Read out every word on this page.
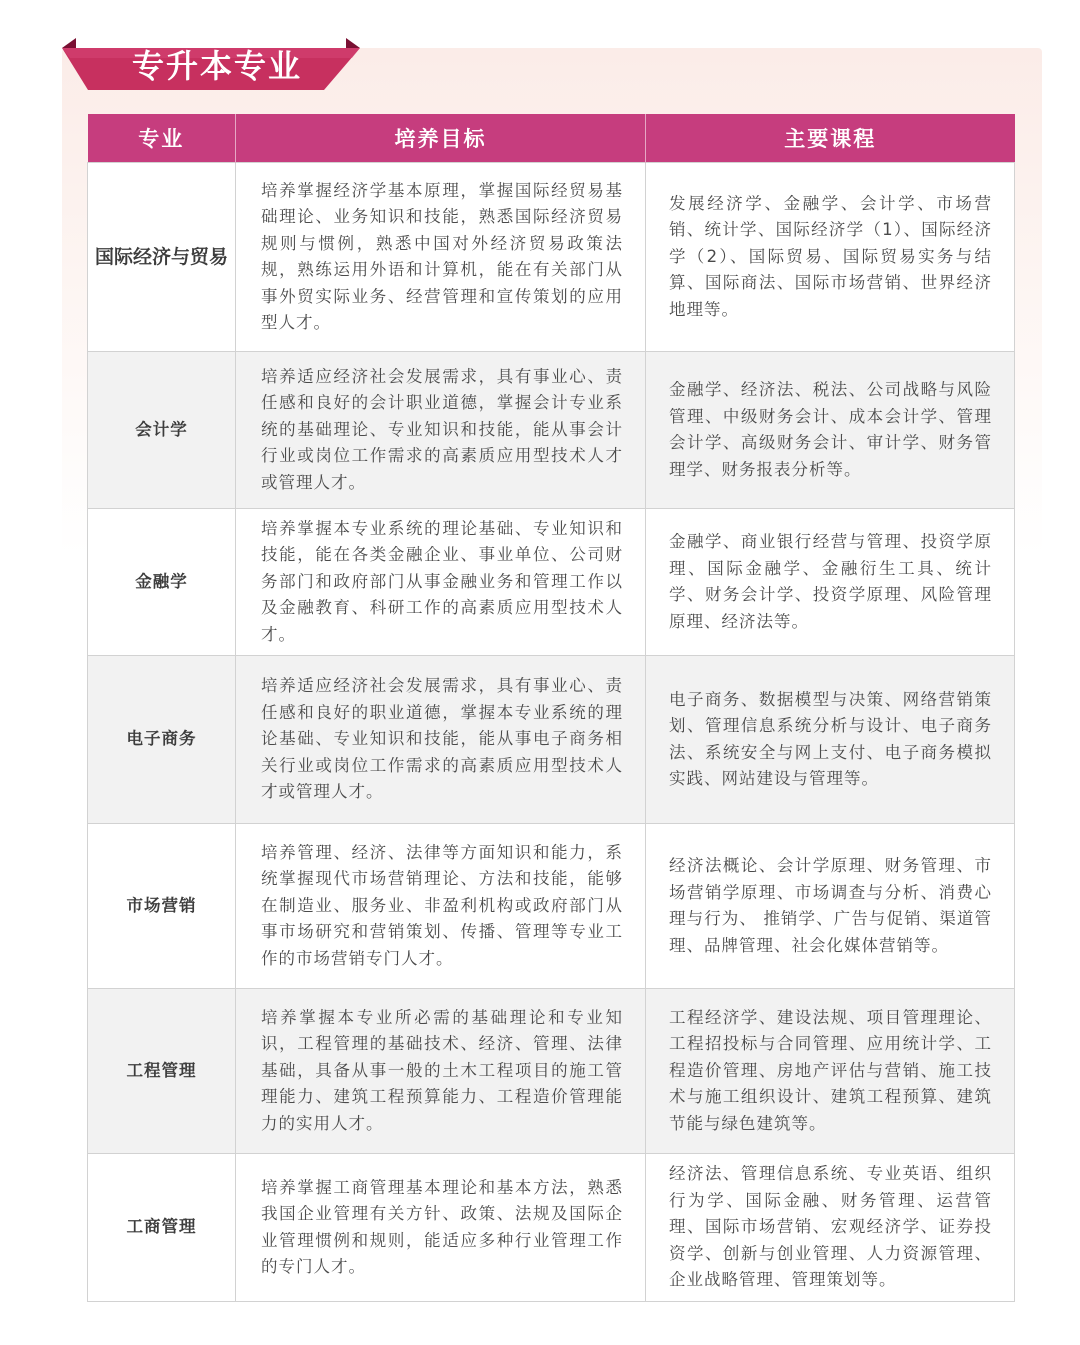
专升本专业
专业	培养目标	主要课程
国际经济与贸易	培养掌握经济学基本原理，掌握国际经贸易基础理论、业务知识和技能，熟悉国际经济贸易规则与惯例，熟悉中国对外经济贸易政策法规，熟练运用外语和计算机，能在有关部门从事外贸实际业务、经营管理和宣传策划的应用型人才。	发展经济学、金融学、会计学、市场营销、统计学、国际经济学（1）、国际经济学（2）、国际贸易、国际贸易实务与结算、国际商法、国际市场营销、世界经济地理等。

会计学	培养适应经济社会发展需求，具有事业心、责任感和良好的会计职业道德，掌握会计专业系统的基础理论、专业知识和技能，能从事会计行业或岗位工作需求的高素质应用型技术人才或管理人才。	金融学、经济法、税法、公司战略与风险管理、中级财务会计、成本会计学、管理会计学、高级财务会计、审计学、财务管理学、财务报表分析等。

金融学	培养掌握本专业系统的理论基础、专业知识和技能，能在各类金融企业、事业单位、公司财务部门和政府部门从事金融业务和管理工作以及金融教育、科研工作的高素质应用型技术人才。	金融学、商业银行经营与管理、投资学原理、国际金融学、金融衍生工具、统计学、财务会计学、投资学原理、风险管理原理、经济法等。

电子商务	培养适应经济社会发展需求，具有事业心、责任感和良好的职业道德，掌握本专业系统的理论基础、专业知识和技能，能从事电子商务相关行业或岗位工作需求的高素质应用型技术人才或管理人才。	电子商务、数据模型与决策、网络营销策划、管理信息系统分析与设计、电子商务法、系统安全与网上支付、电子商务模拟实践、网站建设与管理等。

市场营销	培养管理、经济、法律等方面知识和能力，系统掌握现代市场营销理论、方法和技能，能够在制造业、服务业、非盈利机构或政府部门从事市场研究和营销策划、传播、管理等专业工作的市场营销专门人才。	经济法概论、会计学原理、财务管理、市场营销学原理、市场调查与分析、消费心理与行为、 推销学、广告与促销、渠道管理、品牌管理、社会化媒体营销等。

工程管理	培养掌握本专业所必需的基础理论和专业知识，工程管理的基础技术、经济、管理、法律基础，具备从事一般的土木工程项目的施工管理能力、建筑工程预算能力、工程造价管理能力的实用人才。	工程经济学、建设法规、项目管理理论、工程招投标与合同管理、应用统计学、工程造价管理、房地产评估与营销、施工技术与施工组织设计、建筑工程预算、建筑节能与绿色建筑等。

工商管理	培养掌握工商管理基本理论和基本方法，熟悉我国企业管理有关方针、政策、法规及国际企业管理惯例和规则，能适应多种行业管理工作的专门人才。	经济法、管理信息系统、专业英语、组织行为学、国际金融、财务管理、运营管理、国际市场营销、宏观经济学、证券投资学、创新与创业管理、人力资源管理、企业战略管理、管理策划等。
